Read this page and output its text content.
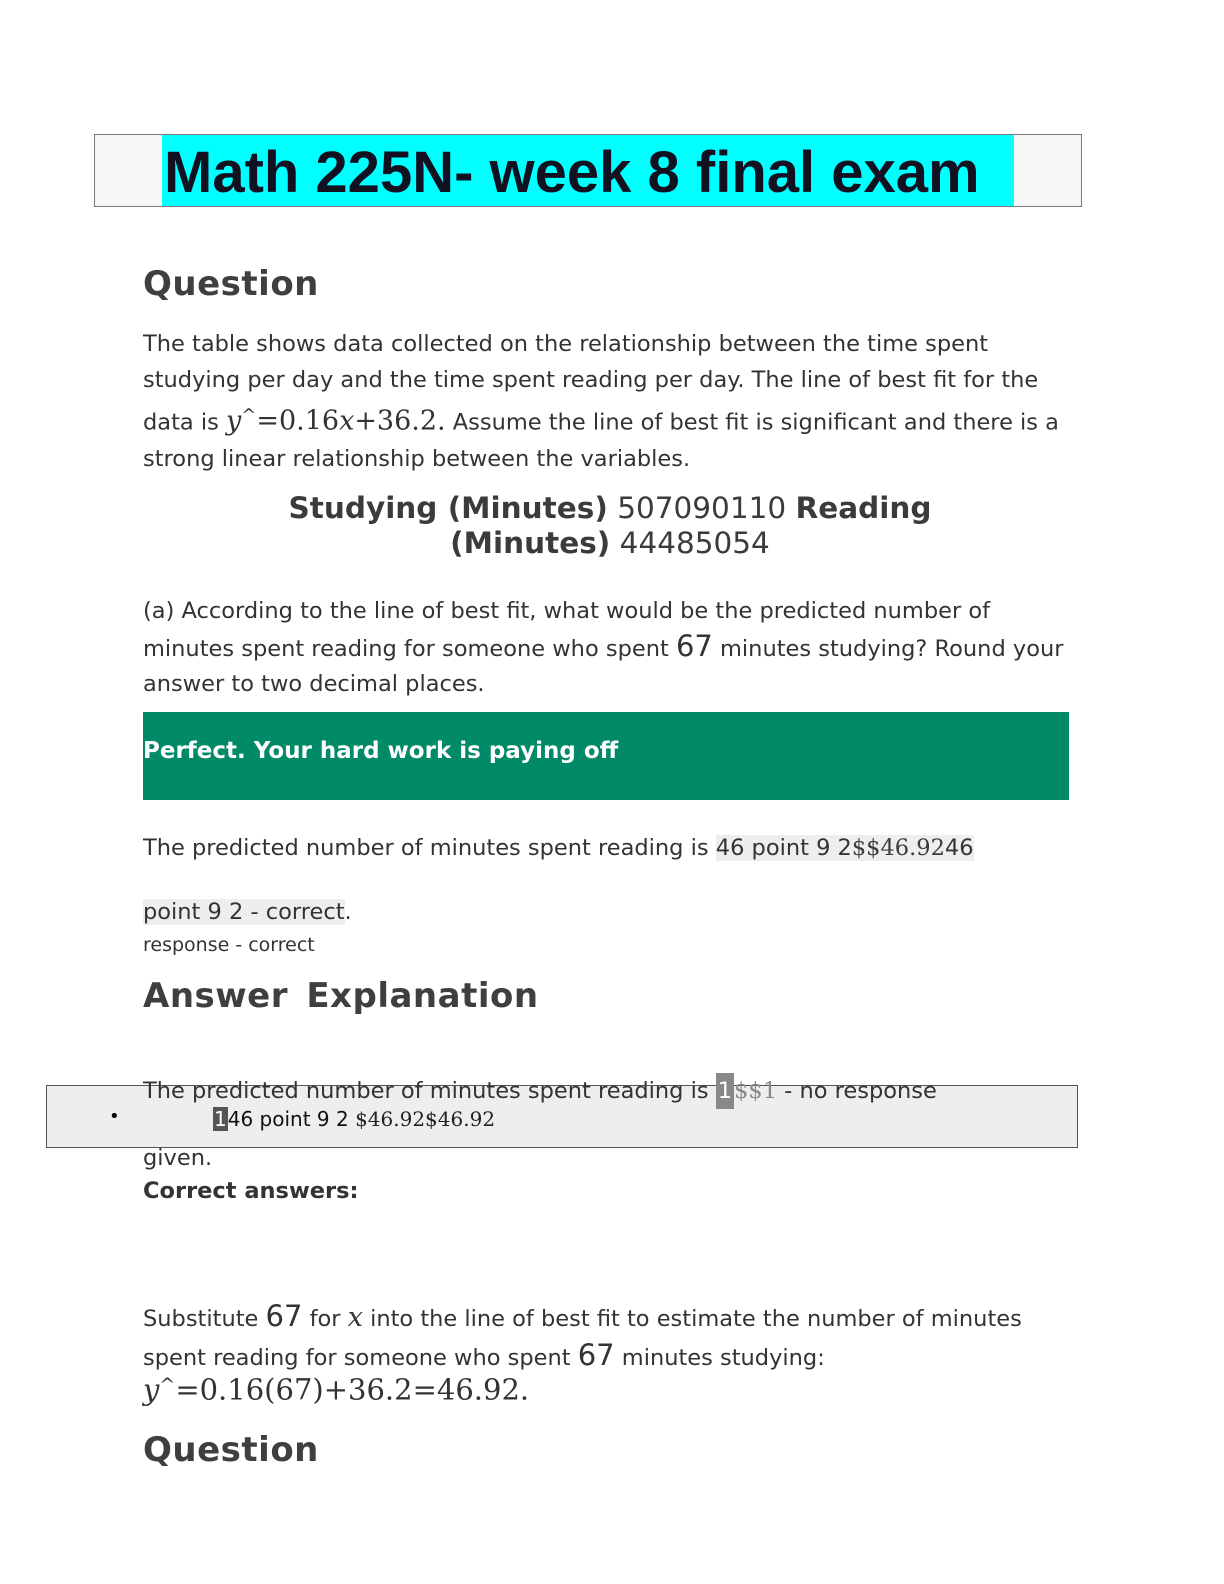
Math 225N- week 8 final exam
Question
The table shows data collected on the relationship between the time spent studying per day and the time spent reading per day. The line of best fit for the data is y^=0.16x+36.2. Assume the line of best fit is significant and there is a strong linear relationship between the variables.
Studying (Minutes) 507090110 Reading
(Minutes) 44485054
(a) According to the line of best fit, what would be the predicted number of minutes spent reading for someone who spent 67 minutes studying? Round your answer to two decimal places.
Perfect. Your hard work is paying off
The predicted number of minutes spent reading is 46 point 9 2$$46.9246
point 9 2 - correct.
response - correct
Answer Explanation
The predicted number of minutes spent reading is 1$$1 - no response
•	146 point 9 2 $46.92$46.92
given.
Correct answers:
Substitute 67 for x into the line of best fit to estimate the number of minutes spent reading for someone who spent 67 minutes studying:
y^=0.16(67)+36.2=46.92.
Question
